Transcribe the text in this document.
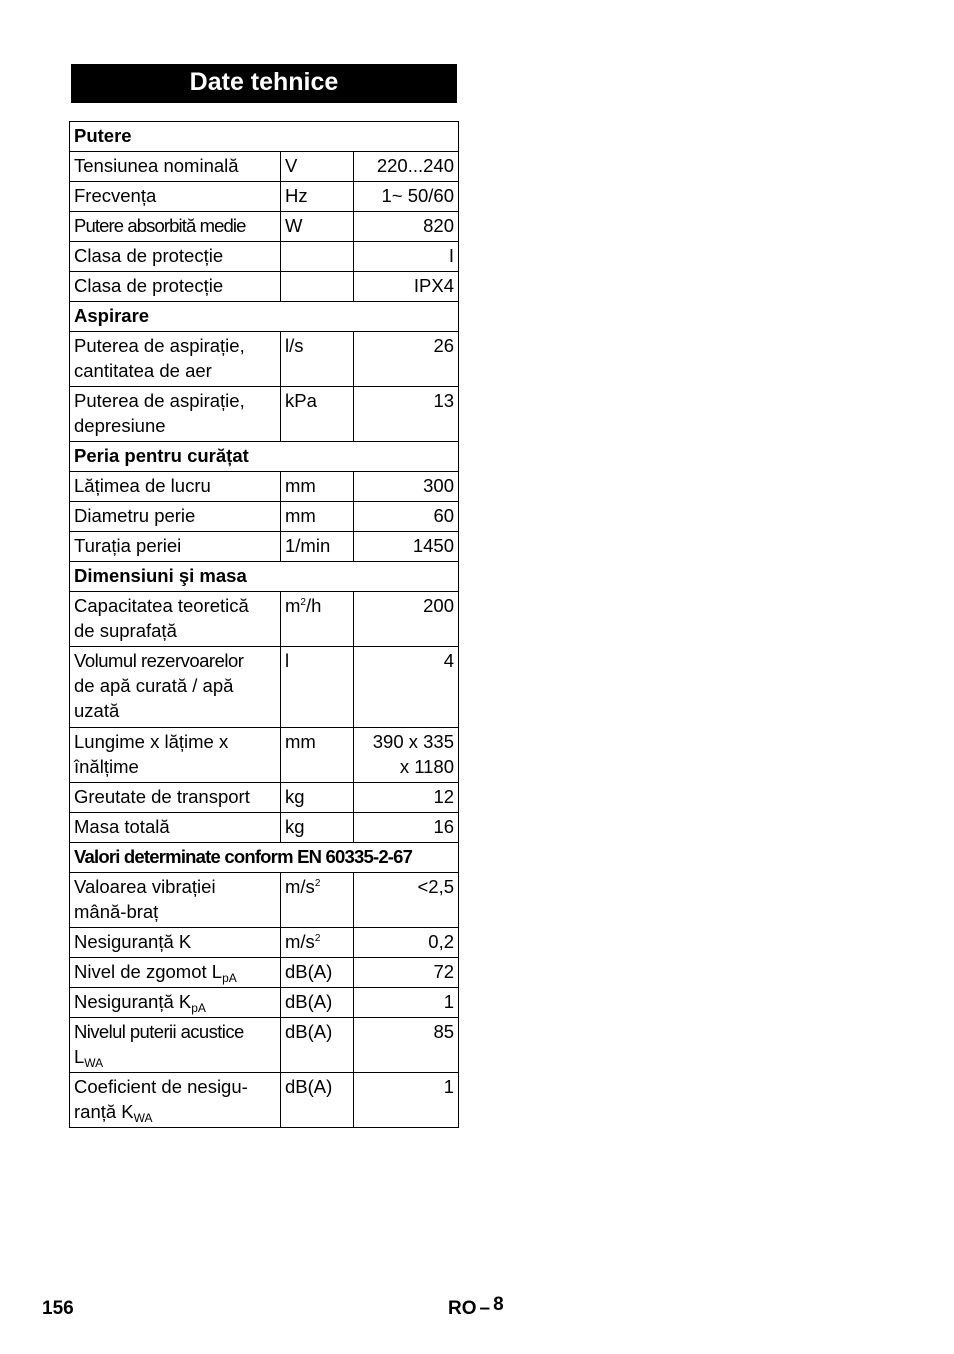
Date tehnice
Putere		
Tensiunea nominală	V	220...240
Frecvența	Hz	1~ 50/60
Putere absorbită medie	W	820
Clasa de protecție		I
Clasa de protecție		IPX4
Aspirare		
Puterea de aspirație,
cantitatea de aer	l/s	26
Puterea de aspirație,
depresiune	kPa	13
Peria pentru curățat		
Lățimea de lucru	mm	300
Diametru perie	mm	60
Turația periei	1/min	1450
Dimensiuni şi masa		
Capacitatea teoretică
de suprafață	$m^2/h$	200
Volumul rezervoarelor
de apă curată / apă
uzată	l	4
Lungime x lățime x
înălțime	mm	390 x 335
x 1180
Greutate de transport	kg	12
Masa totală	kg	16
Valori determinate conform EN 60335-2-67		
Valoarea vibrației
mână-braț	$m/s^2$	<2,5
Nesiguranță K	$m/s^2$	0,2
Nivel de zgomot $L_{pA}$	dB(A)	72
Nesiguranță $K_{pA}$	dB(A)	1
Nivelul puterii acustice
$L_{WA}$	dB(A)	85
Coeficient de nesigu-
ranță $K_{WA}$	dB(A)	1
156	RO – 8
